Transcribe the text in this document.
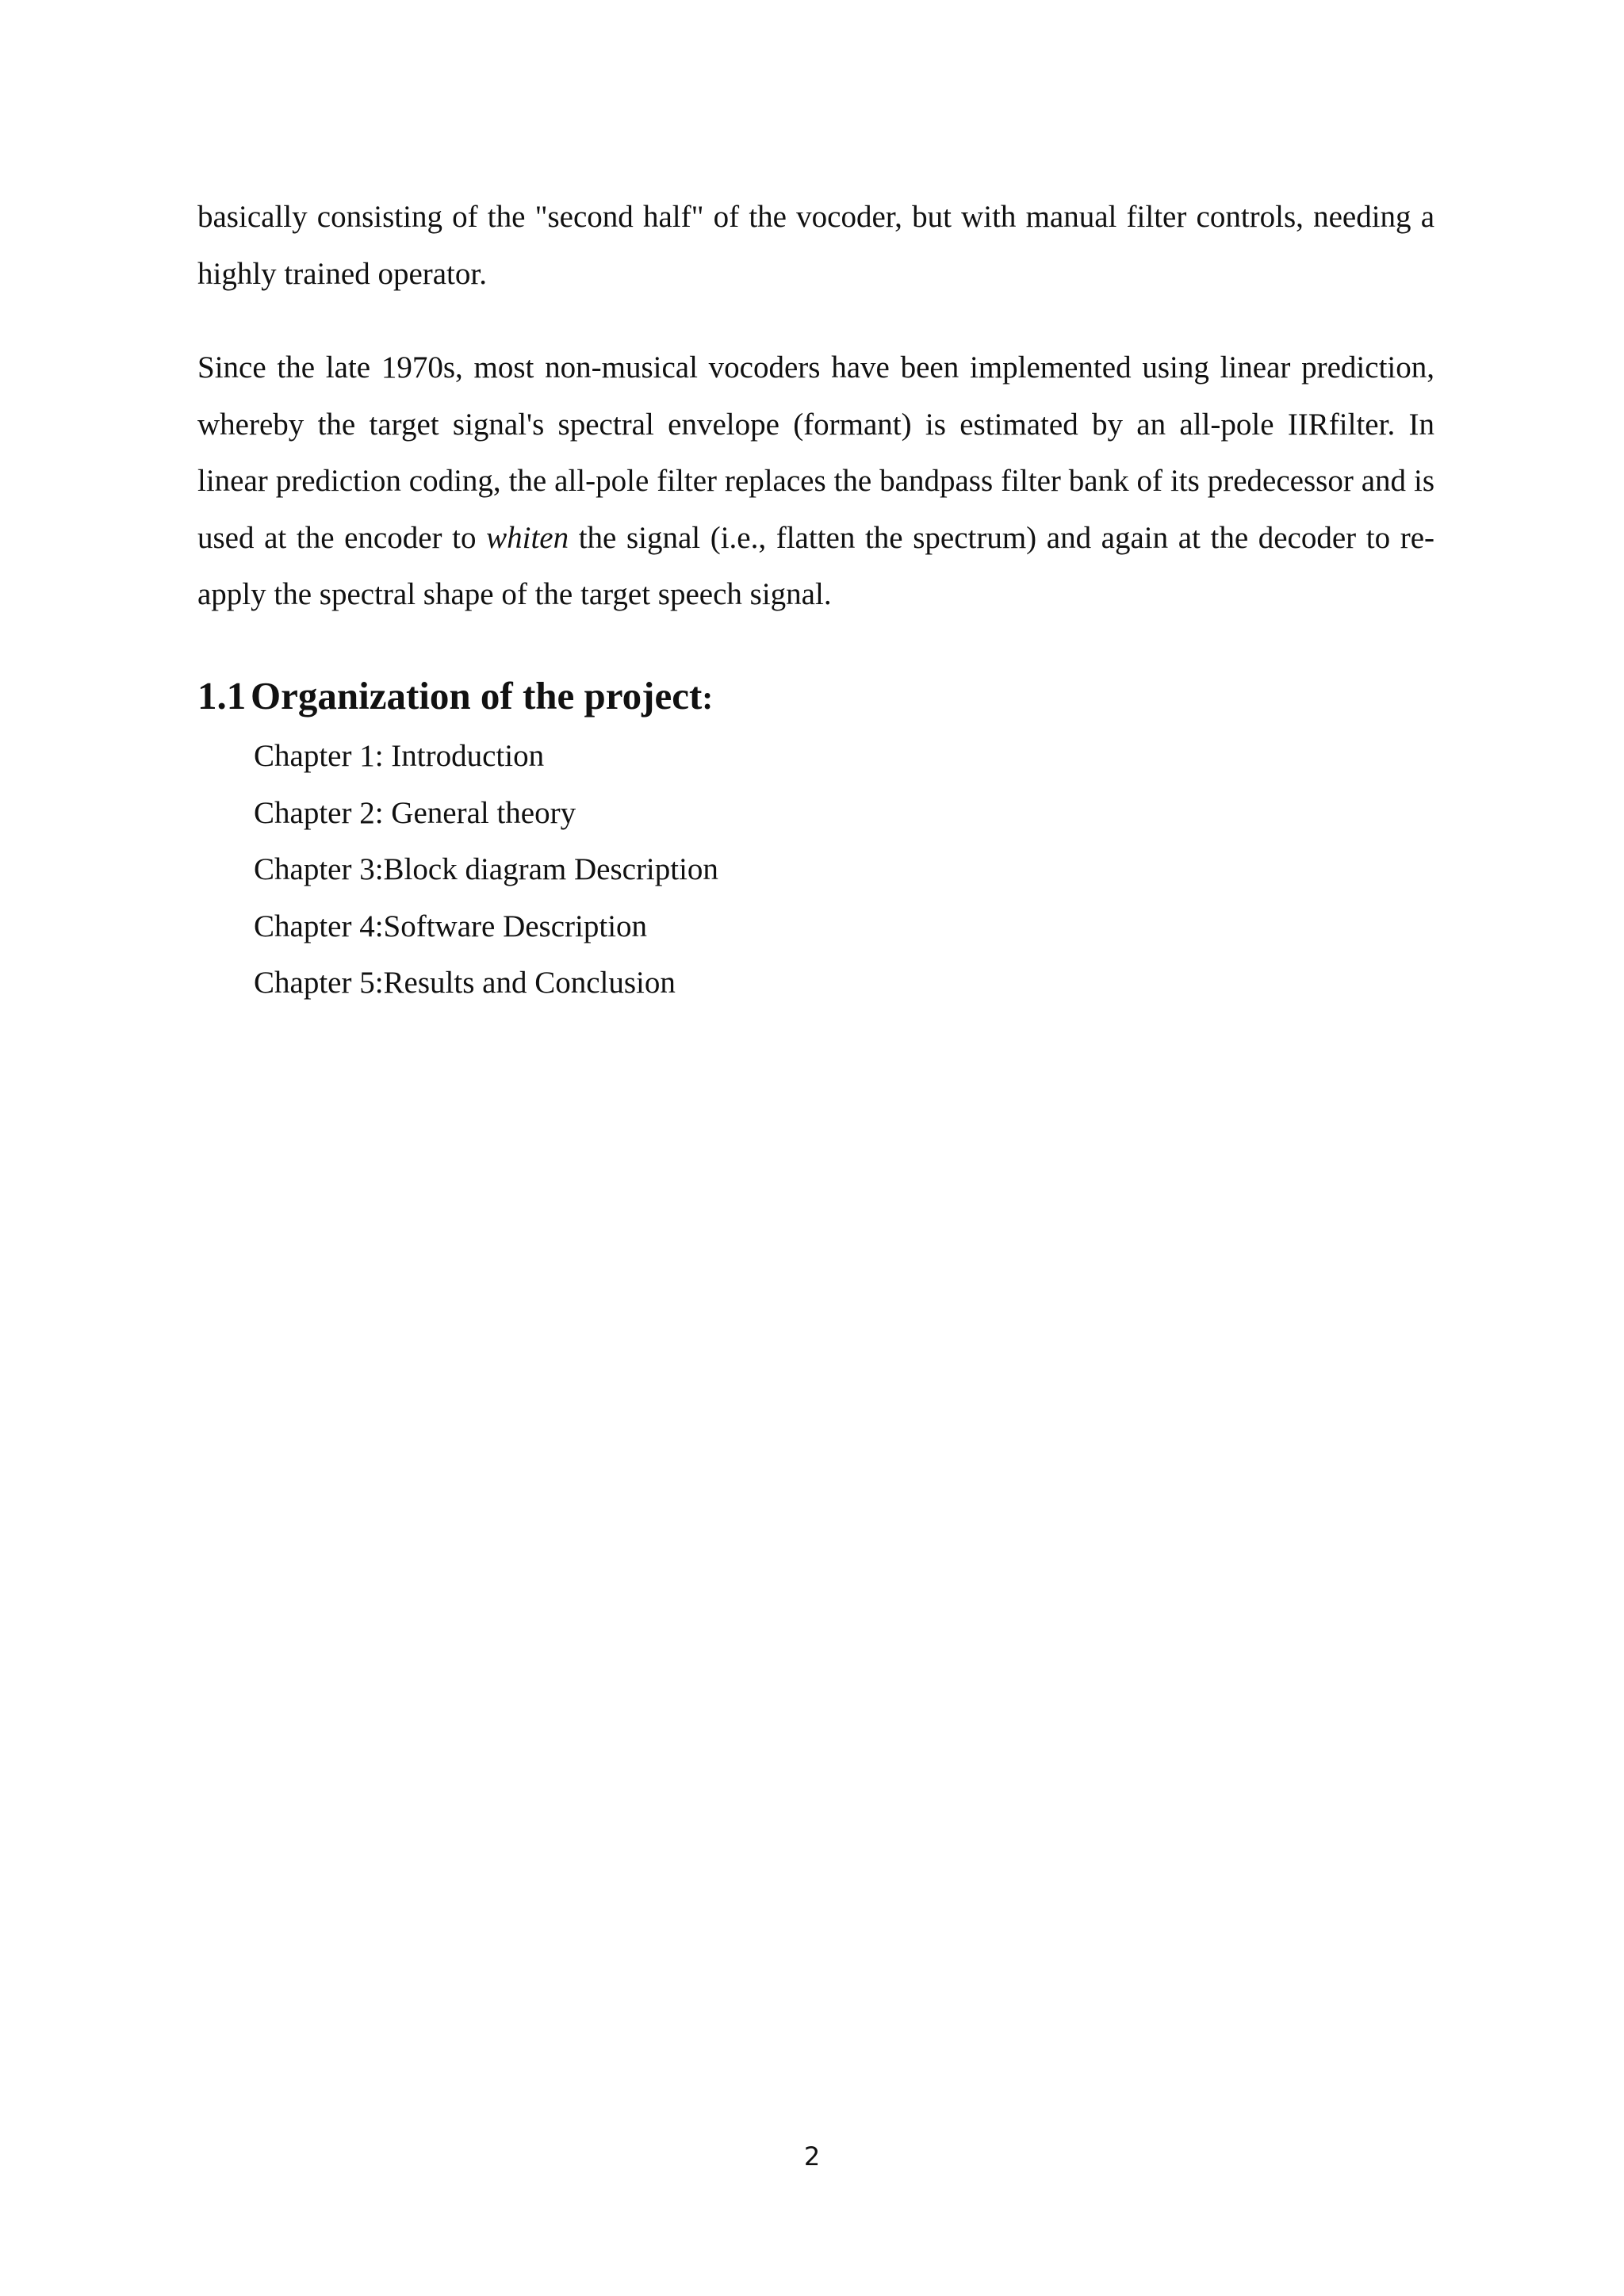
basically consisting of the "second half" of the vocoder, but with manual filter controls, needing a highly trained operator.

Since the late 1970s, most non-musical vocoders have been implemented using linear prediction, whereby the target signal's spectral envelope (formant) is estimated by an all-pole IIRfilter. In linear prediction coding, the all-pole filter replaces the bandpass filter bank of its predecessor and is used at the encoder to whiten the signal (i.e., flatten the spectrum) and again at the decoder to re-apply the spectral shape of the target speech signal.

1.1 Organization of the project:
Chapter 1: Introduction
Chapter 2: General theory
Chapter 3:Block diagram Description
Chapter 4:Software Description
Chapter 5:Results and Conclusion
2
